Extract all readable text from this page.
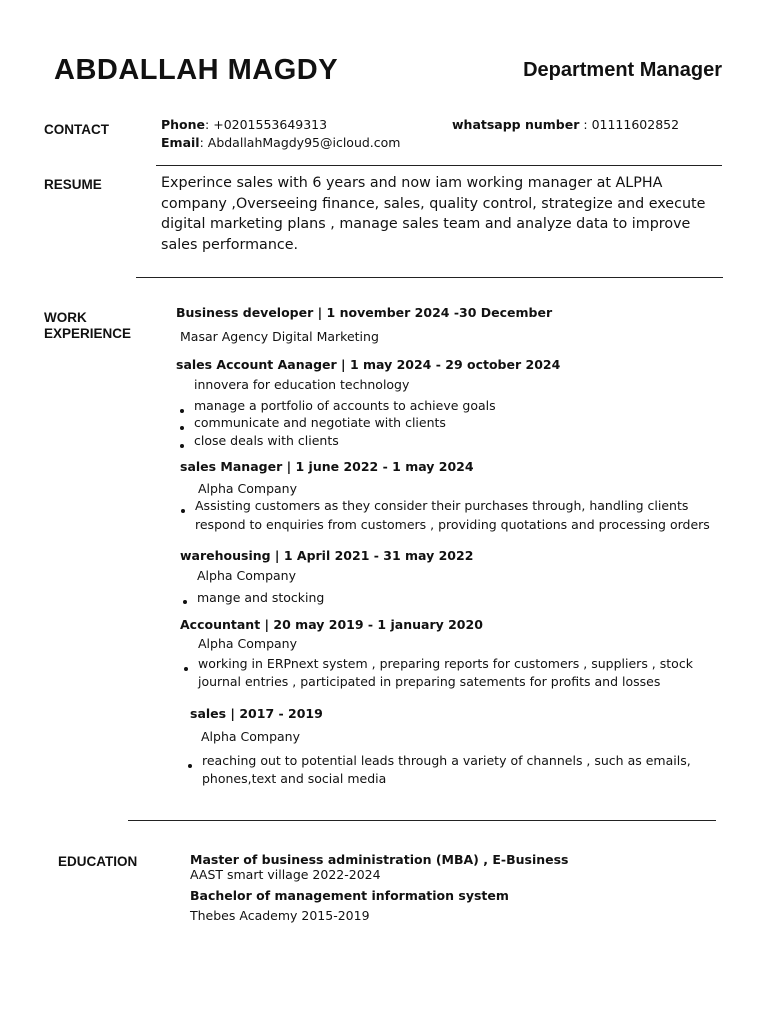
ABDALLAH MAGDY	Department Manager
CONTACT	Phone: +0201553649313	whatsapp number : 01111602852
Email: AbdallahMagdy95@icloud.com
RESUME	Experince sales with 6 years and now iam working manager at ALPHA
company ,Overseeing finance, sales, quality control, strategize and execute
digital marketing plans , manage sales team and analyze data to improve
sales performance.
WORK
EXPERIENCE
Business developer | 1 november 2024 -30 December
Masar Agency Digital Marketing
sales Account Aanager | 1 may 2024 - 29 october 2024
innovera for education technology
manage a portfolio of accounts to achieve goals
communicate and negotiate with clients
close deals with clients
sales Manager | 1 june 2022 - 1 may 2024
Alpha Company
Assisting customers as they consider their purchases through, handling clients
respond to enquiries from customers , providing quotations and processing orders
warehousing | 1 April 2021 - 31 may 2022
Alpha Company
mange and stocking
Accountant | 20 may 2019 - 1 january 2020
Alpha Company
working in ERPnext system , preparing reports for customers , suppliers , stock
journal entries , participated in preparing satements for profits and losses
sales | 2017 - 2019
Alpha Company
reaching out to potential leads through a variety of channels , such as emails,
phones,text and social media
EDUCATION	Master of business administration (MBA) , E-Business
AAST smart village 2022-2024
Bachelor of management information system
Thebes Academy 2015-2019
